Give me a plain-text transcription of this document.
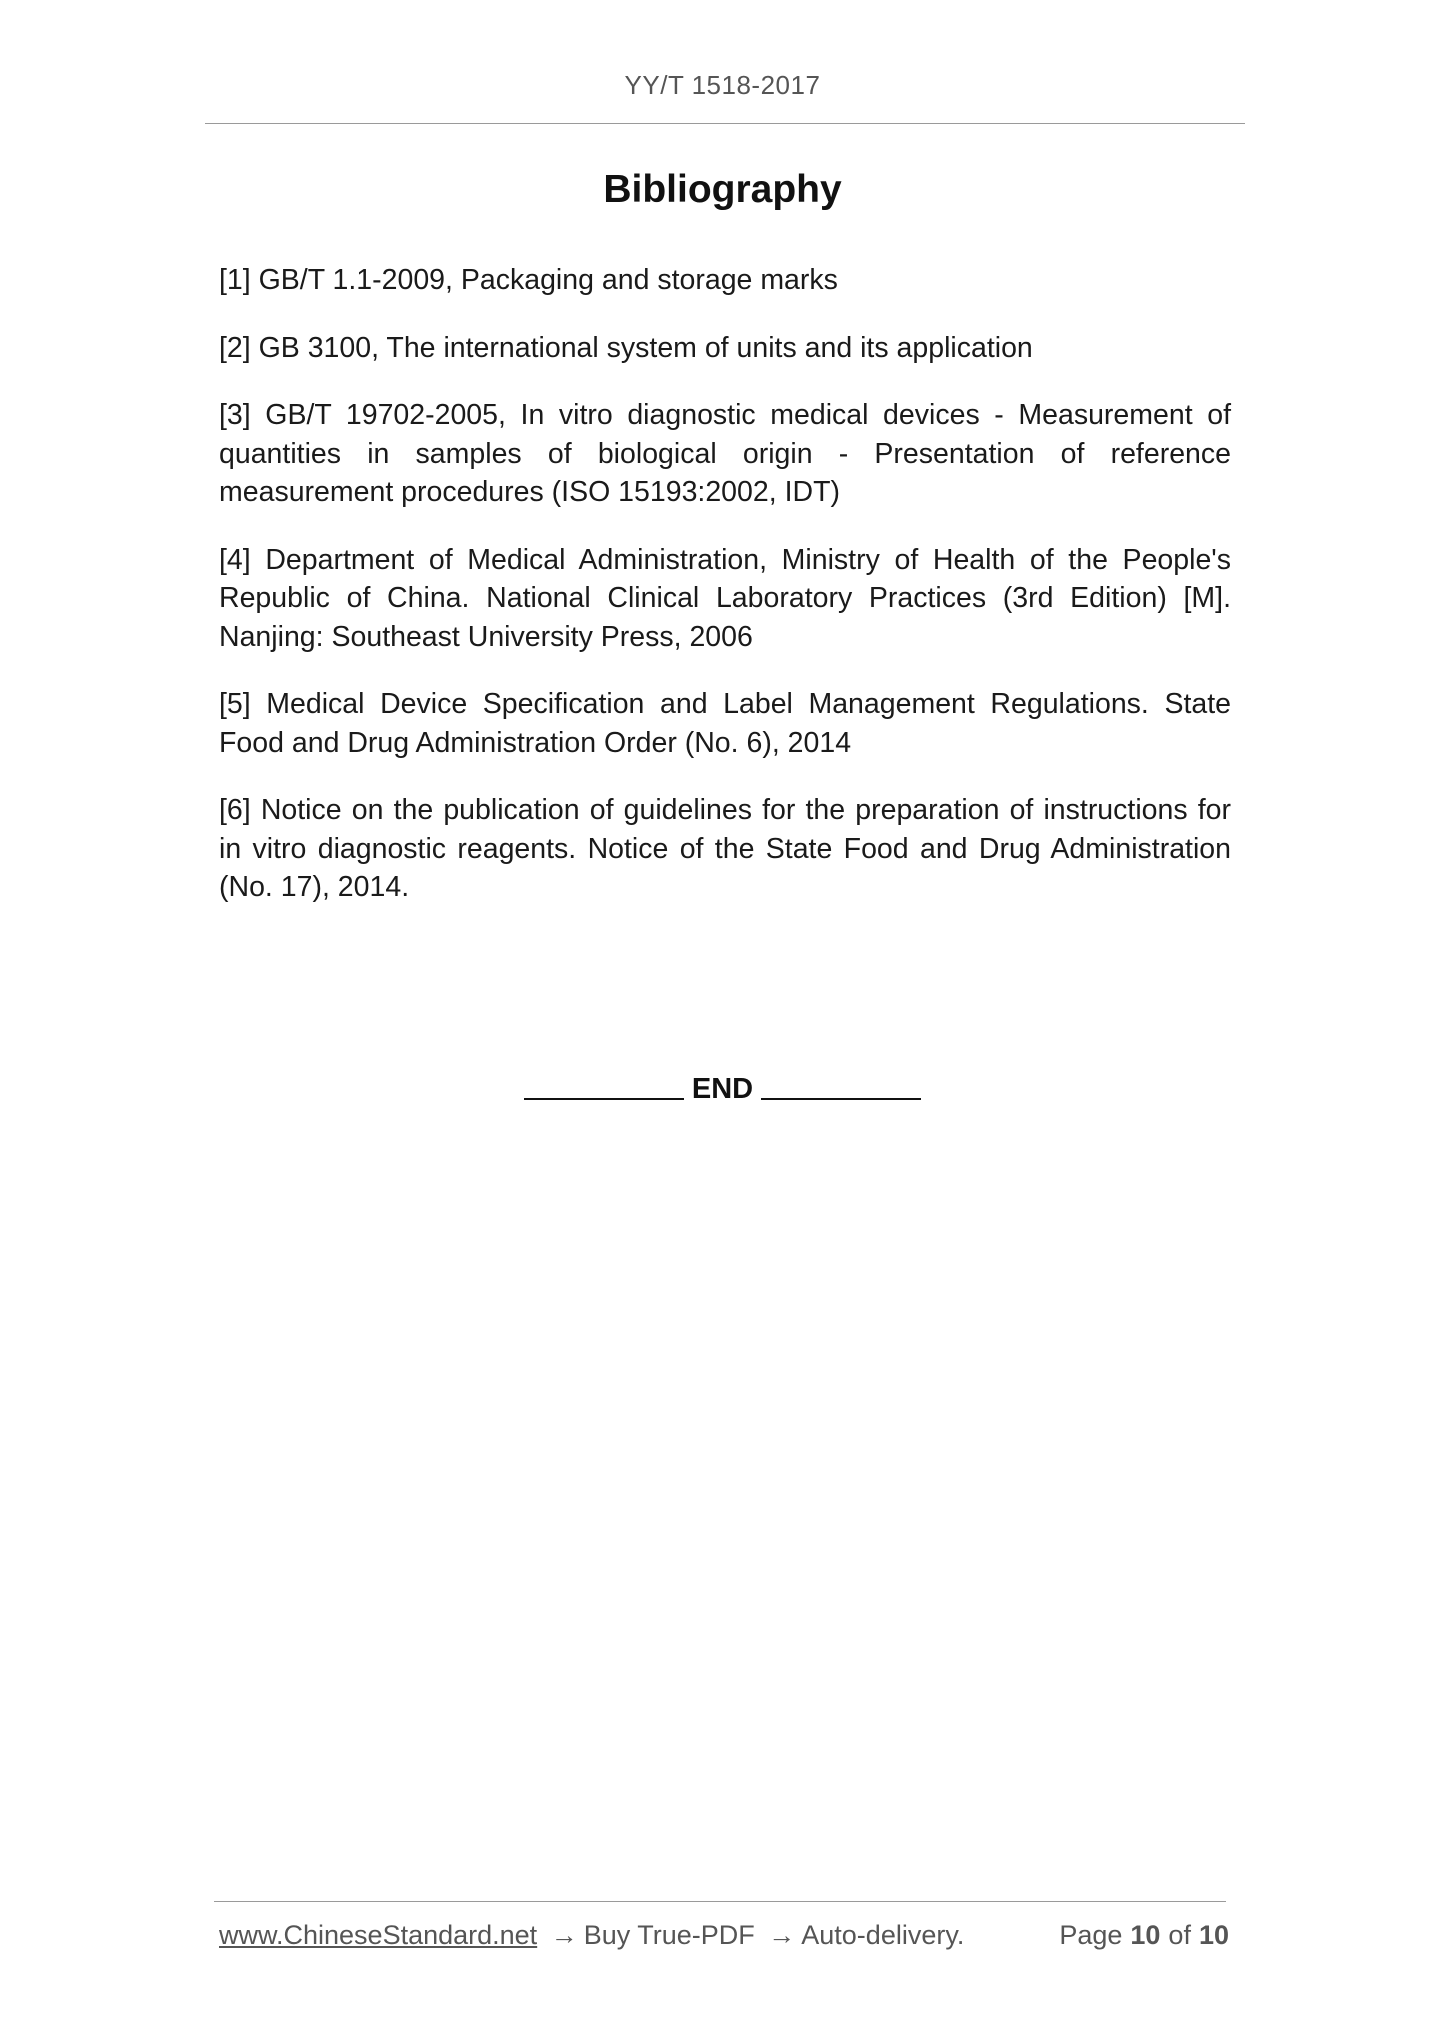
YY/T 1518-2017
Bibliography
[1] GB/T 1.1-2009, Packaging and storage marks
[2] GB 3100, The international system of units and its application
[3] GB/T 19702-2005, In vitro diagnostic medical devices - Measurement of quantities in samples of biological origin - Presentation of reference measurement procedures (ISO 15193:2002, IDT)
[4] Department of Medical Administration, Ministry of Health of the People's Republic of China. National Clinical Laboratory Practices (3rd Edition) [M]. Nanjing: Southeast University Press, 2006
[5] Medical Device Specification and Label Management Regulations. State Food and Drug Administration Order (No. 6), 2014
[6] Notice on the publication of guidelines for the preparation of instructions for in vitro diagnostic reagents. Notice of the State Food and Drug Administration (No. 17), 2014.
END
www.ChineseStandard.net → Buy True-PDF → Auto-delivery.	Page 10 of 10
